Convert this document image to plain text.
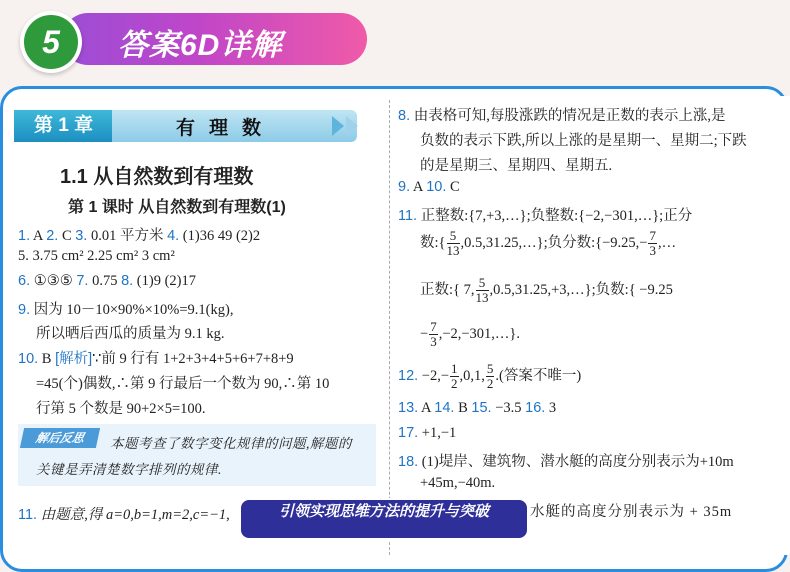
5	答案6D详解
第 1 章	有理数
1.1 从自然数到有理数
第 1 课时 从自然数到有理数(1)
1. A 2. C 3. 0.01 平方米 4. (1)36 49 (2)2
5. 3.75 cm² 2.25 cm² 3 cm²
6. ①③⑤ 7. 0.75 8. (1)9 (2)17
9. 因为 10－10×90%×10%=9.1(kg),
所以晒后西瓜的质量为 9.1 kg.
10. B [解析]∵前 9 行有 1+2+3+4+5+6+7+8+9
=45(个)偶数,∴第 9 行最后一个数为 90,∴第 10
行第 5 个数是 90+2×5=100.
解后反思	本题考查了数字变化规律的问题,解题的
关键是弄清楚数字排列的规律.
11. 由题意,得 a=0,b=1,m=2,c=−1,
8. 由表格可知,每股涨跌的情况是正数的表示上涨,是
负数的表示下跌,所以上涨的是星期一、星期二;下跌
的是星期三、星期四、星期五.
9. A 10. C
11. 正整数:{7,+3,…};负整数:{−2,−301,…};正分
数:{ $\frac{5}{13}$ ,0.5,31.25,…};负分数:{−9.25,− $\frac{7}{3}$ ,…
正数:{ 7, $\frac{5}{13}$ ,0.5,31.25,+3,…};负数:{ −9.25
− $\frac{7}{3}$ ,−2,−301,…}.
12. $-2,- \frac{1}{2} ,0,1$, $\frac{5}{2}$ .(答案不唯一)
13. A 14. B 15. −3.5 16. 3
17. +1,−1
18. (1)堤岸、建筑物、潜水艇的高度分别表示为+10m
+45m,−40m.
水艇的高度分别表示为 + 35m
引领实现思维方法的提升与突破
